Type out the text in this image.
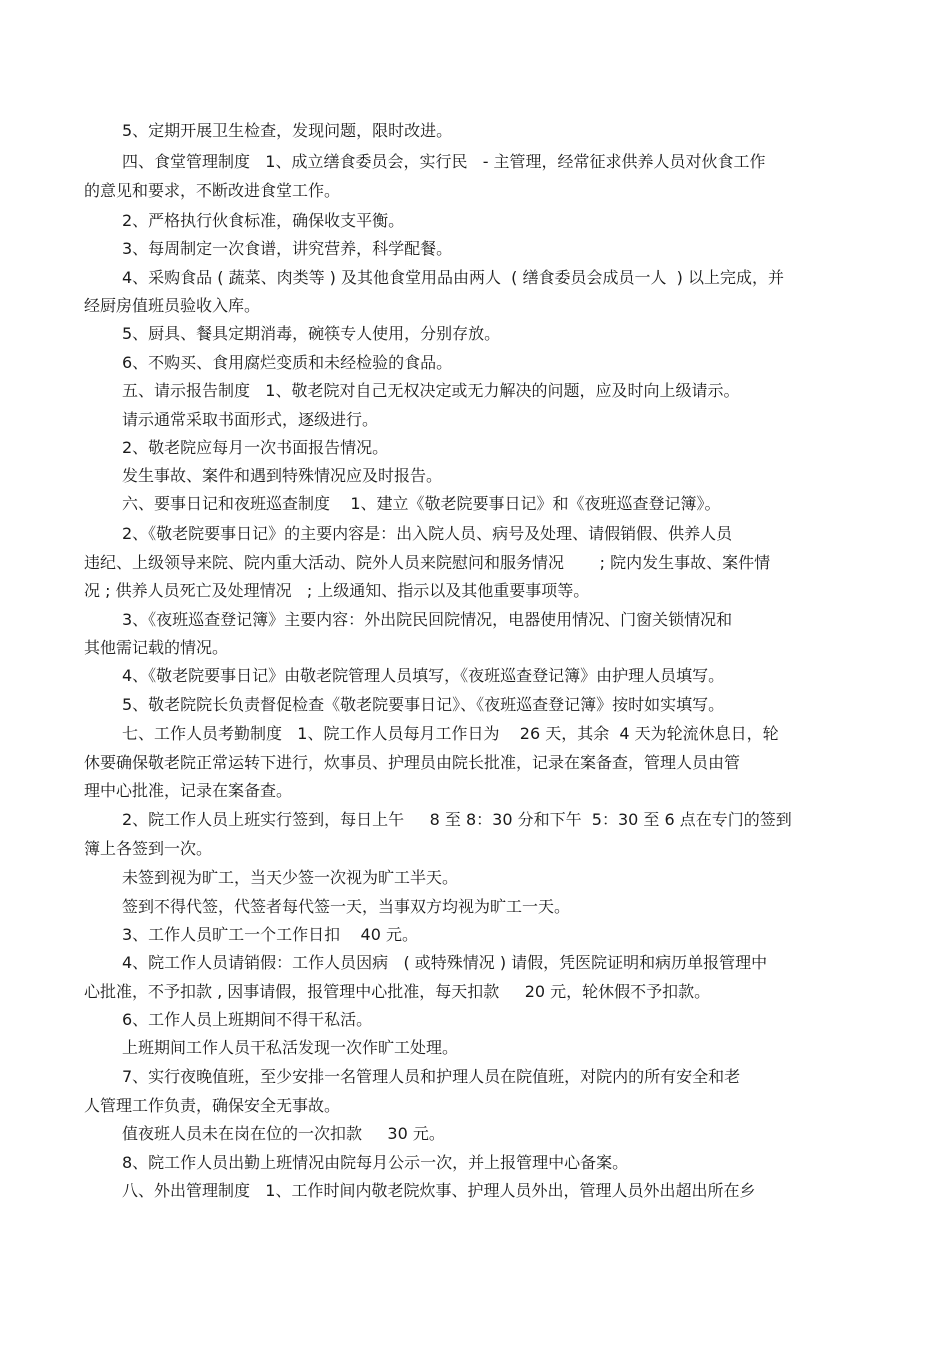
5、定期开展卫生检查，发现问题，限时改进。
四、食堂管理制度   1、成立缮食委员会，实行民   - 主管理，经常征求供养人员对伙食工作
的意见和要求，不断改进食堂工作。
2、严格执行伙食标准，确保收支平衡。
3、每周制定一次食谱，讲究营养，科学配餐。
4、采购食品 ( 蔬菜、肉类等 ) 及其他食堂用品由两人  ( 缮食委员会成员一人  ) 以上完成，并
经厨房值班员验收入库。
5、厨具、餐具定期消毒，碗筷专人使用，分别存放。
6、不购买、食用腐烂变质和未经检验的食品。
五、请示报告制度   1、敬老院对自己无权决定或无力解决的问题，应及时向上级请示。
请示通常采取书面形式，逐级进行。
2、敬老院应每月一次书面报告情况。
发生事故、案件和遇到特殊情况应及时报告。
六、要事日记和夜班巡查制度    1、建立《敬老院要事日记》和《夜班巡查登记簿》。
2、《敬老院要事日记》的主要内容是：出入院人员、病号及处理、请假销假、供养人员
违纪、上级领导来院、院内重大活动、院外人员来院慰问和服务情况       ; 院内发生事故、案件情
况 ; 供养人员死亡及处理情况   ; 上级通知、指示以及其他重要事项等。
3、《夜班巡查登记簿》主要内容：外出院民回院情况，电器使用情况、门窗关锁情况和
其他需记载的情况。
4、《敬老院要事日记》由敬老院管理人员填写，《夜班巡查登记簿》由护理人员填写。
5、敬老院院长负责督促检查《敬老院要事日记》、《夜班巡查登记簿》按时如实填写。
七、工作人员考勤制度   1、院工作人员每月工作日为    26 天，其余  4 天为轮流休息日，轮
休要确保敬老院正常运转下进行，炊事员、护理员由院长批准，记录在案备查，管理人员由管
理中心批准，记录在案备查。
2、院工作人员上班实行签到，每日上午     8 至 8：30 分和下午  5：30 至 6 点在专门的签到
簿上各签到一次。
未签到视为旷工，当天少签一次视为旷工半天。
签到不得代签，代签者每代签一天，当事双方均视为旷工一天。
3、工作人员旷工一个工作日扣    40 元。
4、院工作人员请销假：工作人员因病   ( 或特殊情况 ) 请假，凭医院证明和病历单报管理中
心批准，不予扣款 , 因事请假，报管理中心批准，每天扣款     20 元，轮休假不予扣款。
6、工作人员上班期间不得干私活。
上班期间工作人员干私活发现一次作旷工处理。
7、实行夜晚值班，至少安排一名管理人员和护理人员在院值班，对院内的所有安全和老
人管理工作负责，确保安全无事故。
值夜班人员未在岗在位的一次扣款     30 元。
8、院工作人员出勤上班情况由院每月公示一次，并上报管理中心备案。
八、外出管理制度   1、工作时间内敬老院炊事、护理人员外出，管理人员外出超出所在乡
